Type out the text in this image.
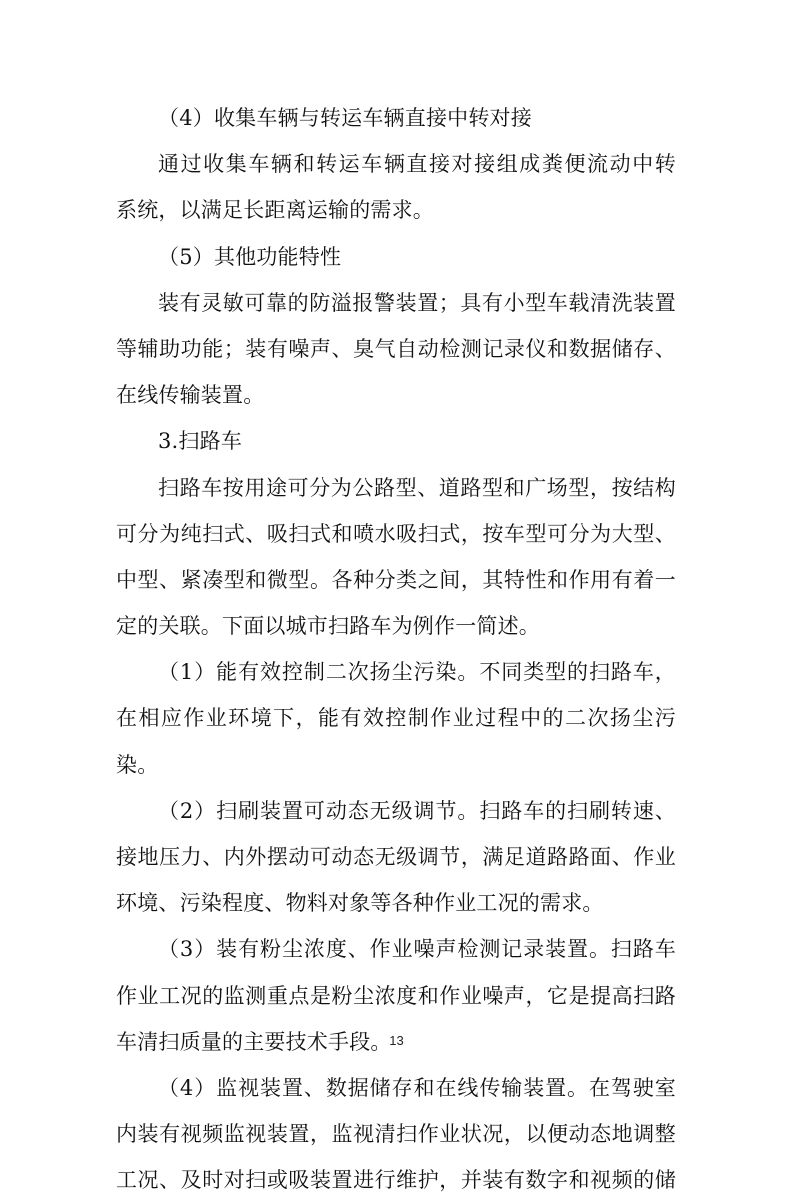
（4）收集车辆与转运车辆直接中转对接
通过收集车辆和转运车辆直接对接组成粪便流动中转
系统，以满足长距离运输的需求。
（5）其他功能特性
装有灵敏可靠的防溢报警装置；具有小型车载清洗装置
等辅助功能；装有噪声、臭气自动检测记录仪和数据储存、
在线传输装置。
3.扫路车
扫路车按用途可分为公路型、道路型和广场型，按结构
可分为纯扫式、吸扫式和喷水吸扫式，按车型可分为大型、
中型、紧凑型和微型。各种分类之间，其特性和作用有着一
定的关联。下面以城市扫路车为例作一简述。
（1）能有效控制二次扬尘污染。不同类型的扫路车，
在相应作业环境下，能有效控制作业过程中的二次扬尘污
染。
（2）扫刷装置可动态无级调节。扫路车的扫刷转速、
接地压力、内外摆动可动态无级调节，满足道路路面、作业
环境、污染程度、物料对象等各种作业工况的需求。
（3）装有粉尘浓度、作业噪声检测记录装置。扫路车
作业工况的监测重点是粉尘浓度和作业噪声，它是提高扫路
车清扫质量的主要技术手段。
（4）监视装置、数据储存和在线传输装置。在驾驶室
内装有视频监视装置，监视清扫作业状况，以便动态地调整
工况、及时对扫或吸装置进行维护，并装有数字和视频的储
13
